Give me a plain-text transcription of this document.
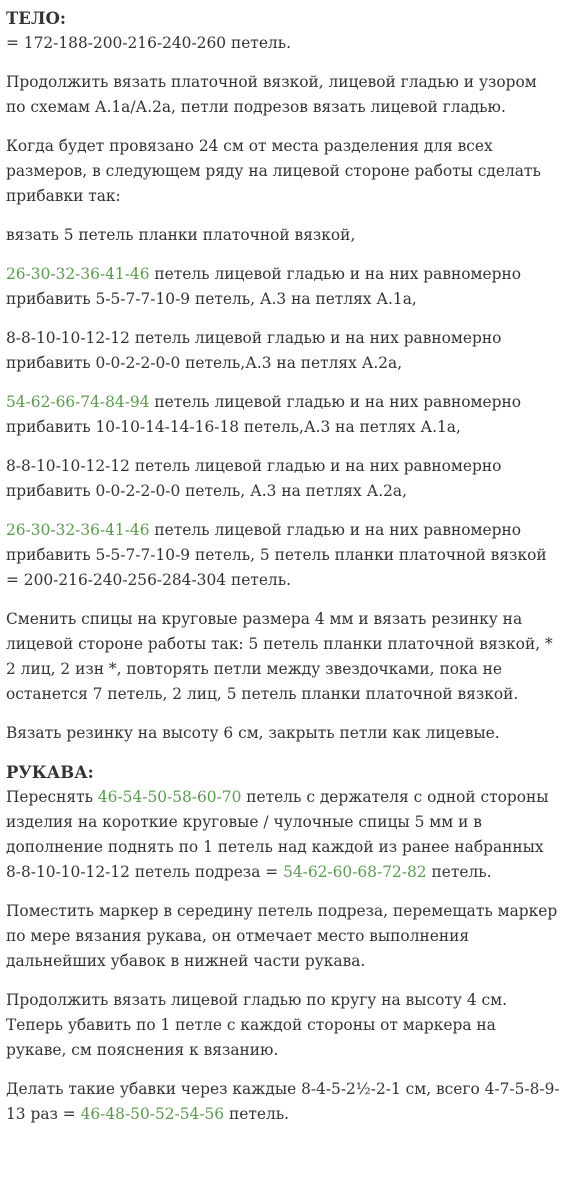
ТЕЛО:

= 172-188-200-216-240-260 петель.

Продолжить вязать платочной вязкой, лицевой гладью и узором по схемам А.1а/А.2а, петли подрезов вязать лицевой гладью.

Когда будет провязано 24 см от места разделения для всех размеров, в следующем ряду на лицевой стороне работы сделать прибавки так:

вязать 5 петель планки платочной вязкой,

26-30-32-36-41-46 петель лицевой гладью и на них равномерно прибавить 5-5-7-7-10-9 петель, А.3 на петлях А.1а,

8-8-10-10-12-12 петель лицевой гладью и на них равномерно прибавить 0-0-2-2-0-0 петель,А.3 на петлях А.2а,

54-62-66-74-84-94 петель лицевой гладью и на них равномерно прибавить 10-10-14-14-16-18 петель,А.3 на петлях А.1а,

8-8-10-10-12-12 петель лицевой гладью и на них равномерно прибавить 0-0-2-2-0-0 петель, А.3 на петлях А.2а,

26-30-32-36-41-46 петель лицевой гладью и на них равномерно прибавить 5-5-7-7-10-9 петель, 5 петель планки платочной вязкой = 200-216-240-256-284-304 петель.

Сменить спицы на круговые размера 4 мм и вязать резинку на лицевой стороне работы так: 5 петель планки платочной вязкой, * 2 лиц, 2 изн *, повторять петли между звездочками, пока не останется 7 петель, 2 лиц, 5 петель планки платочной вязкой.

Вязать резинку на высоту 6 см, закрыть петли как лицевые.

РУКАВА:

Переснять 46-54-50-58-60-70 петель с держателя с одной стороны изделия на короткие круговые / чулочные спицы 5 мм и в дополнение поднять по 1 петель над каждой из ранее набранных 8-8-10-10-12-12 петель подреза = 54-62-60-68-72-82 петель.

Поместить маркер в середину петель подреза, перемещать маркер по мере вязания рукава, он отмечает место выполнения дальнейших убавок в нижней части рукава.

Продолжить вязать лицевой гладью по кругу на высоту 4 см. Теперь убавить по 1 петле с каждой стороны от маркера на рукаве, см пояснения к вязанию.

Делать такие убавки через каждые 8-4-5-2½-2-1 см, всего 4-7-5-8-9-13 раз = 46-48-50-52-54-56 петель.
